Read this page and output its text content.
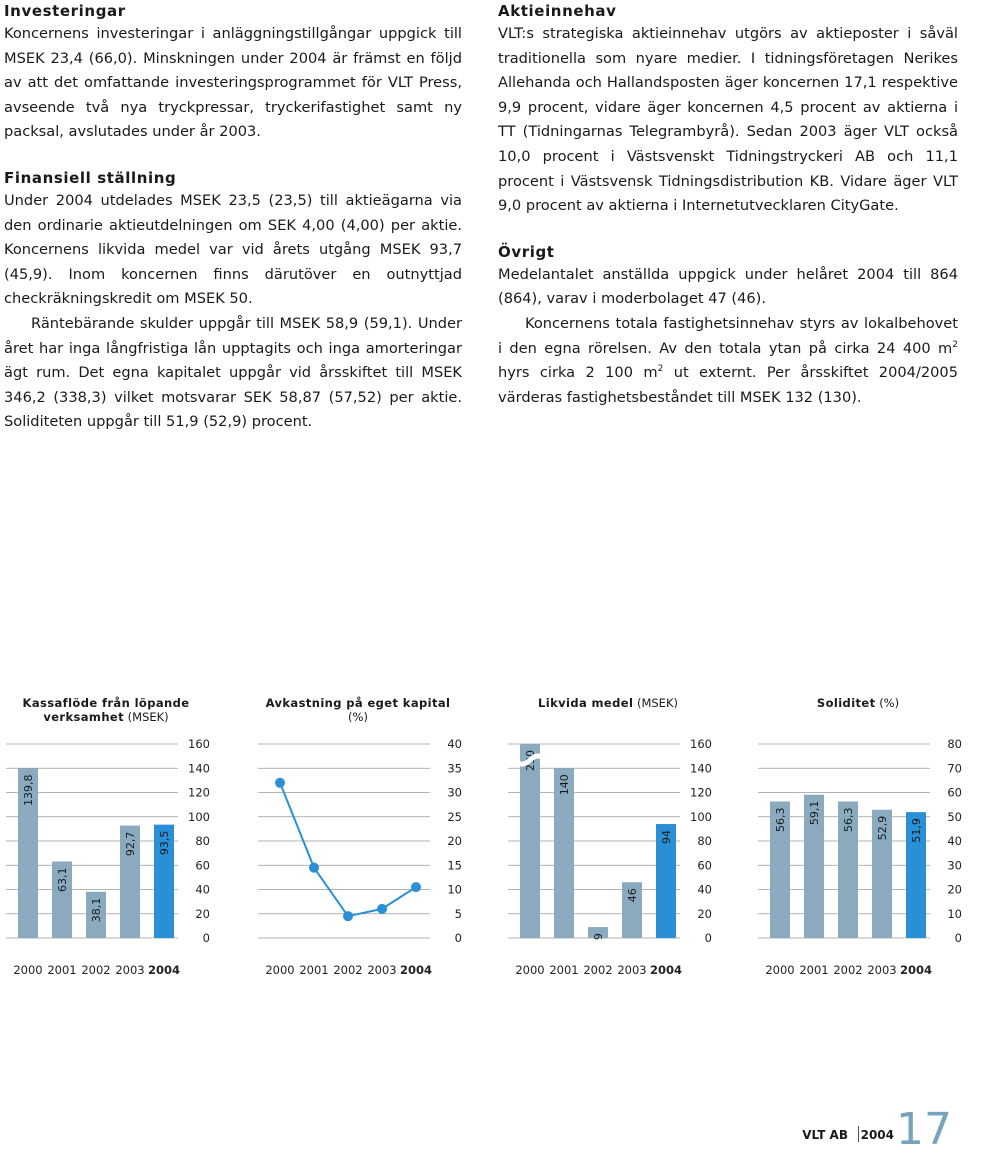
Investeringar

Koncernens investeringar i anläggningstillgångar uppgick till MSEK 23,4 (66,0). Minskningen under 2004 är främst en följd av att det omfattande investeringsprogrammet för VLT Press, avseende två nya tryckpressar, tryckerifastighet samt ny packsal, avslutades under år 2003.

Finansiell ställning

Under 2004 utdelades MSEK 23,5 (23,5) till aktieägarna via den ordinarie aktieutdelningen om SEK 4,00 (4,00) per aktie. Koncernens likvida medel var vid årets utgång MSEK 93,7 (45,9). Inom koncernen finns därutöver en outnyttjad checkräkningskredit om MSEK 50.

Räntebärande skulder uppgår till MSEK 58,9 (59,1). Under året har inga långfristiga lån upptagits och inga amorteringar ägt rum. Det egna kapitalet uppgår vid årsskiftet till MSEK 346,2 (338,3) vilket motsvarar SEK 58,87 (57,52) per aktie. Soliditeten uppgår till 51,9 (52,9) procent.

Aktieinnehav

VLT:s strategiska aktieinnehav utgörs av aktieposter i såväl traditionella som nyare medier. I tidningsföretagen Nerikes Allehanda och Hallandsposten äger koncernen 17,1 respektive 9,9 procent, vidare äger koncernen 4,5 procent av aktierna i TT (Tidningarnas Telegrambyrå). Sedan 2003 äger VLT också 10,0 procent i Västsvenskt Tidningstryckeri AB och 11,1 procent i Västsvensk Tidningsdistribution KB. Vidare äger VLT 9,0 procent av aktierna i Internetutvecklaren CityGate.

Övrigt

Medelantalet anställda uppgick under helåret 2004 till 864 (864), varav i moderbolaget 47 (46).

Koncernens totala fastighetsinnehav styrs av lokalbehovet i den egna rörelsen. Av den totala ytan på cirka 24 400 $m^2$ hyrs cirka 2 100 $m^2$ ut externt. Per årsskiftet 2004/2005 värderas fastighetsbeståndet till MSEK 132 (130).

Kassaflöde från löpande verksamhet (MSEK)
0
20
40
60
80
100
120
140
160
2000 2001 2002 2003 2004
139,8
63,1
38,1
92,7 93,5
Avkastning på eget kapital (%)
0
5
10
15
20
25
30
35
40
2000 2001 2002 2003 2004
Likvida medel (MSEK)
0
20
40
60
80
100
120
140
160
2000 2001 2002 2003 2004
230
140
9
46
94
Soliditet (%)
0
10
20
30
40
50
60
70
80
2000 2001 2002 2003 2004
56,3 59,1 56,3 52,9 51,9
VLT AB 2004 17
